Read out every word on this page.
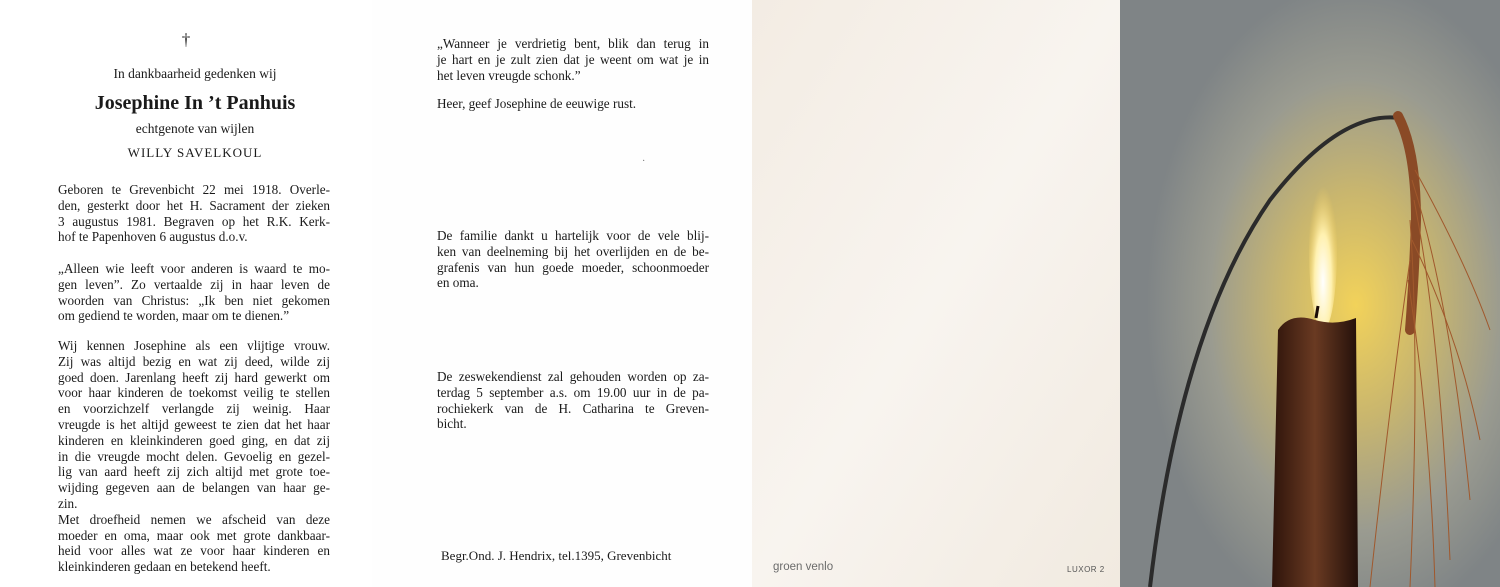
†
In dankbaarheid gedenken wij
Josephine In ’t Panhuis
echtgenote van wijlen
WILLY SAVELKOUL
Geboren te Grevenbicht 22 mei 1918. Overle-
den, gesterkt door het H. Sacrament der zieken
3 augustus 1981. Begraven op het R.K. Kerk-
hof te Papenhoven 6 augustus d.o.v.
„Alleen wie leeft voor anderen is waard te mo-
gen leven”. Zo vertaalde zij in haar leven de
woorden van Christus: „Ik ben niet gekomen
om gediend te worden, maar om te dienen.”
Wij kennen Josephine als een vlijtige vrouw.
Zij was altijd bezig en wat zij deed, wilde zij
goed doen. Jarenlang heeft zij hard gewerkt om
voor haar kinderen de toekomst veilig te stellen
en voorzichzelf verlangde zij weinig. Haar
vreugde is het altijd geweest te zien dat het haar
kinderen en kleinkinderen goed ging, en dat zij
in die vreugde mocht delen. Gevoelig en gezel-
lig van aard heeft zij zich altijd met grote toe-
wijding gegeven aan de belangen van haar ge-
zin.
Met droefheid nemen we afscheid van deze
moeder en oma, maar ook met grote dankbaar-
heid voor alles wat ze voor haar kinderen en
kleinkinderen gedaan en betekend heeft.
„Wanneer je verdrietig bent, blik dan terug in
je hart en je zult zien dat je weent om wat je in
het leven vreugde schonk.”
Heer, geef Josephine de eeuwige rust.
·
De familie dankt u hartelijk voor de vele blij-
ken van deelneming bij het overlijden en de be-
grafenis van hun goede moeder, schoonmoeder
en oma.
De zeswekendienst zal gehouden worden op za-
terdag 5 september a.s. om 19.00 uur in de pa-
rochiekerk van de H. Catharina te Greven-
bicht.
Begr.Ond. J. Hendrix, tel.1395, Grevenbicht
groen venlo	LUXOR 2
